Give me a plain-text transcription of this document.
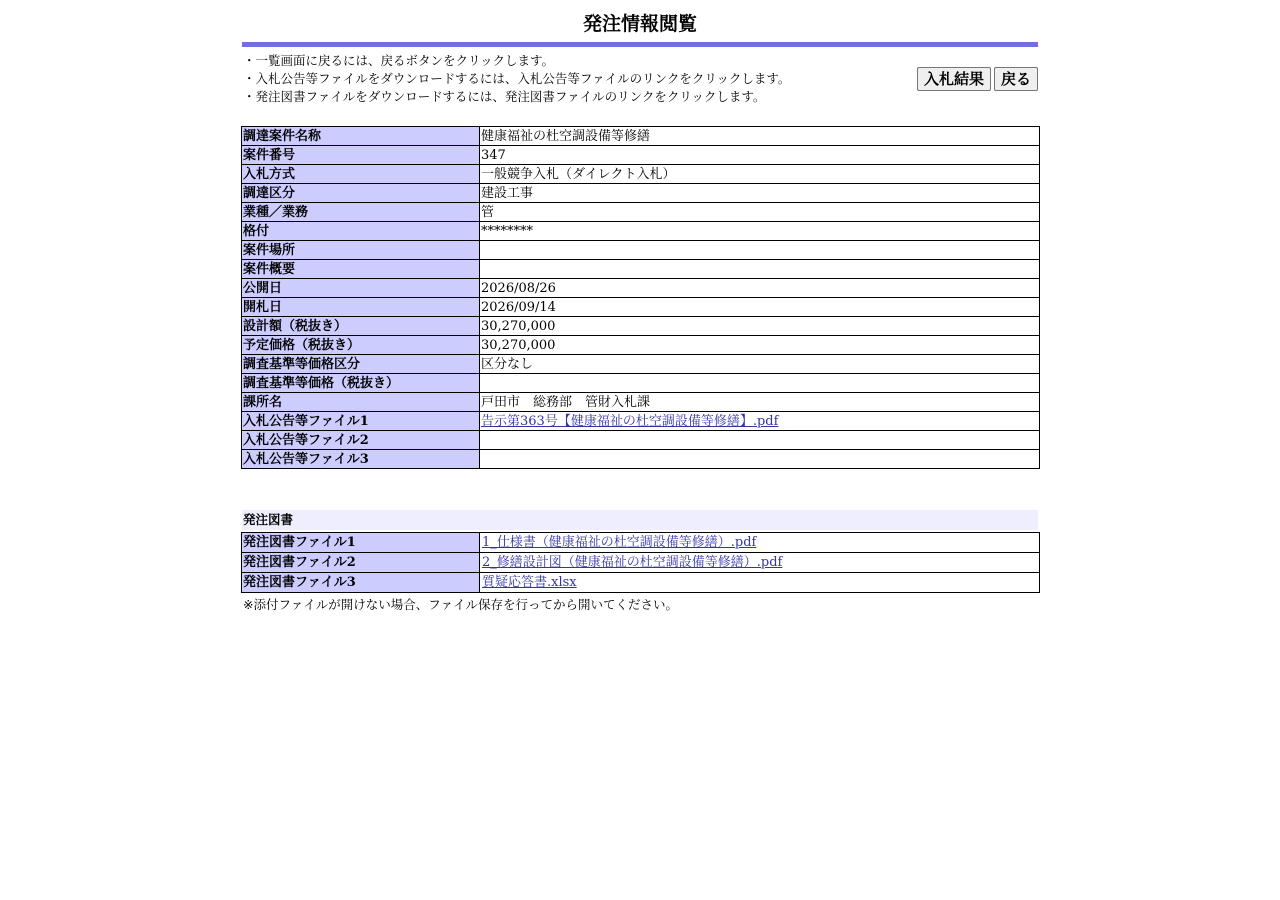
発注情報閲覧
・一覧画面に戻るには、戻るボタンをクリックします。
・入札公告等ファイルをダウンロードするには、入札公告等ファイルのリンクをクリックします。
・発注図書ファイルをダウンロードするには、発注図書ファイルのリンクをクリックします。
入札結果	戻る
調達案件名称	健康福祉の杜空調設備等修繕
案件番号	347
入札方式	一般競争入札（ダイレクト入札）
調達区分	建設工事
業種／業務	管
格付	********
案件場所	
案件概要	
公開日	2026/08/26
開札日	2026/09/14
設計額（税抜き）	30,270,000
予定価格（税抜き）	30,270,000
調査基準等価格区分	区分なし
調査基準等価格（税抜き）	
課所名	戸田市　総務部　管財入札課
入札公告等ファイル1	告示第363号【健康福祉の杜空調設備等修繕】.pdf
入札公告等ファイル2	
入札公告等ファイル3	
発注図書
発注図書ファイル1	1_仕様書（健康福祉の杜空調設備等修繕）.pdf
発注図書ファイル2	2_修繕設計図（健康福祉の杜空調設備等修繕）.pdf
発注図書ファイル3	質疑応答書.xlsx
※添付ファイルが開けない場合、ファイル保存を行ってから開いてください。
